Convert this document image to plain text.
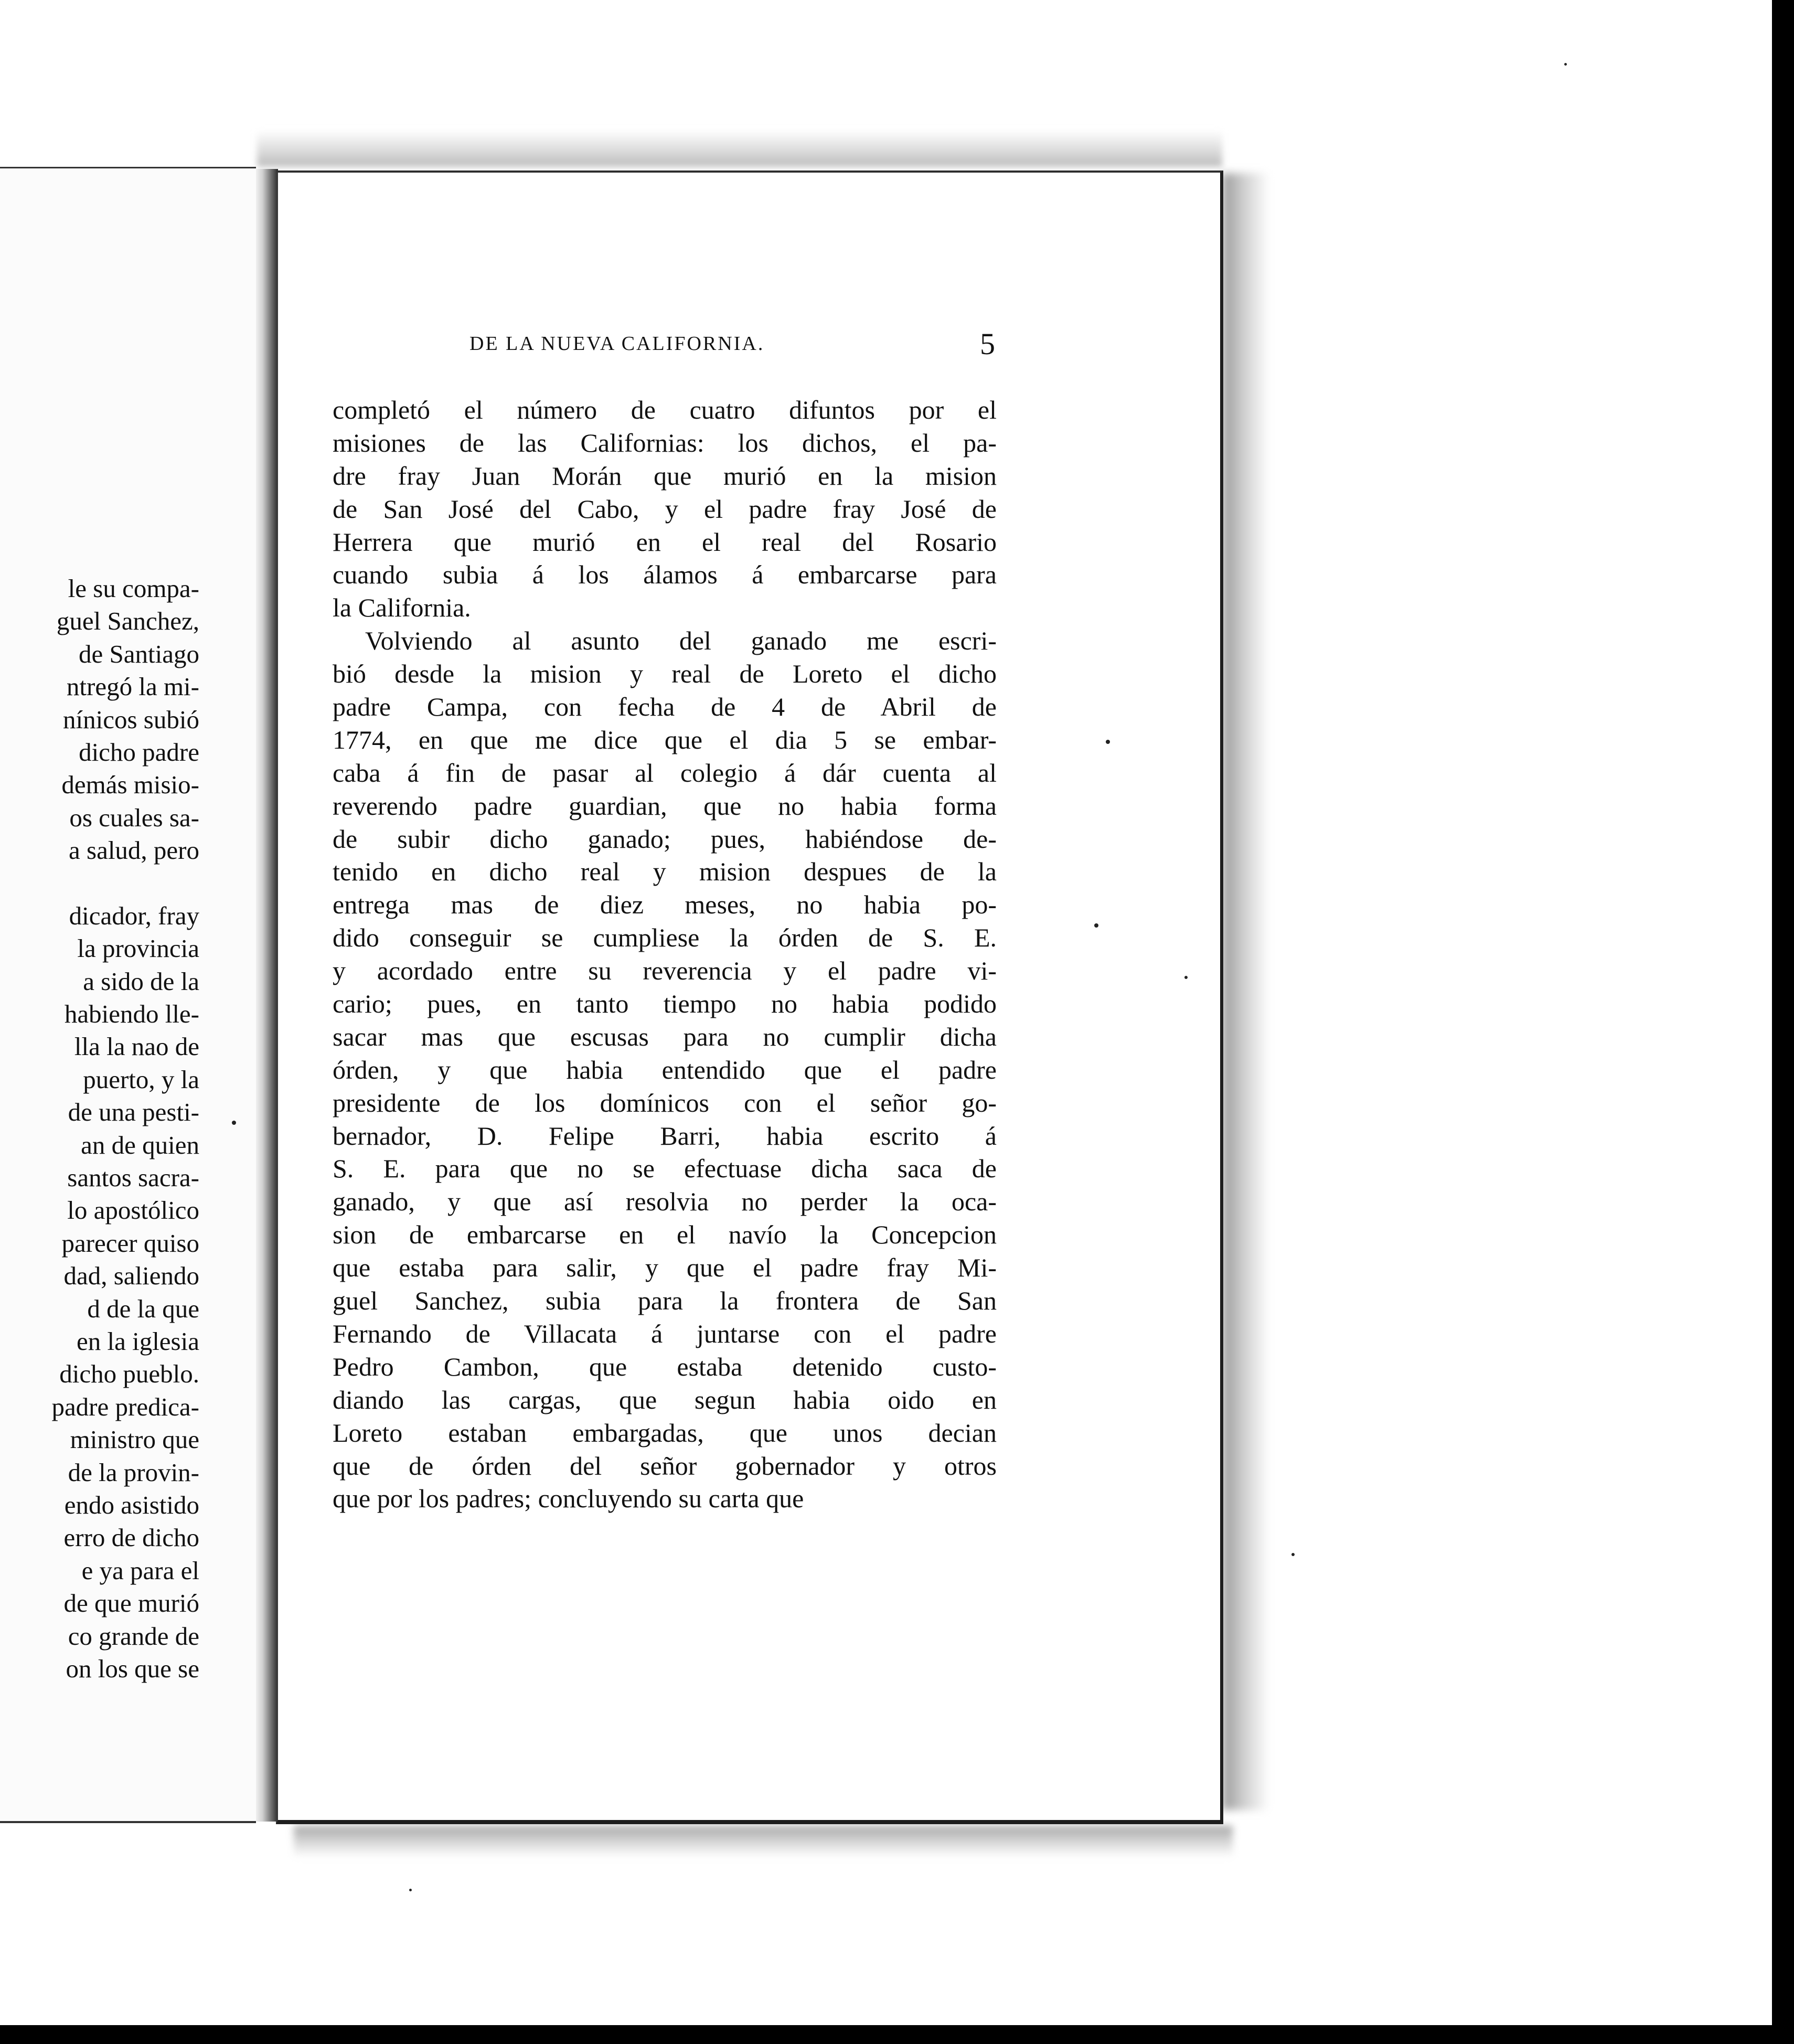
le su compa-
guel Sanchez,
de Santiago
ntregó la mi-
nínicos subió
dicho padre
demás misio-
os cuales sa-
a salud, pero
dicador, fray
la provincia
a sido de la
habiendo lle-
lla la nao de
puerto, y la
de una pesti-
an de quien
santos sacra-
lo apostólico
parecer quiso
dad, saliendo
d de la que
en la iglesia
dicho pueblo.
padre predica-
ministro que
de la provin-
endo asistido
erro de dicho
e ya para el
de que murió
co grande de
on los que se
DE LA NUEVA CALIFORNIA.	5
completó el número de cuatro difuntos por el
misiones de las Californias: los dichos, el pa-
dre fray Juan Morán que murió en la mision
de San José del Cabo, y el padre fray José de
Herrera que murió en el real del Rosario
cuando subia á los álamos á embarcarse para
la California.
Volviendo al asunto del ganado me escri-
bió desde la mision y real de Loreto el dicho
padre Campa, con fecha de 4 de Abril de
1774, en que me dice que el dia 5 se embar-
caba á fin de pasar al colegio á dár cuenta al
reverendo padre guardian, que no habia forma
de subir dicho ganado; pues, habiéndose de-
tenido en dicho real y mision despues de la
entrega mas de diez meses, no habia po-
dido conseguir se cumpliese la órden de S. E.
y acordado entre su reverencia y el padre vi-
cario; pues, en tanto tiempo no habia podido
sacar mas que escusas para no cumplir dicha
órden, y que habia entendido que el padre
presidente de los domínicos con el señor go-
bernador, D. Felipe Barri, habia escrito á
S. E. para que no se efectuase dicha saca de
ganado, y que así resolvia no perder la oca-
sion de embarcarse en el navío la Concepcion
que estaba para salir, y que el padre fray Mi-
guel Sanchez, subia para la frontera de San
Fernando de Villacata á juntarse con el padre
Pedro Cambon, que estaba detenido custo-
diando las cargas, que segun habia oido en
Loreto estaban embargadas, que unos decian
que de órden del señor gobernador y otros
que por los padres; concluyendo su carta que
